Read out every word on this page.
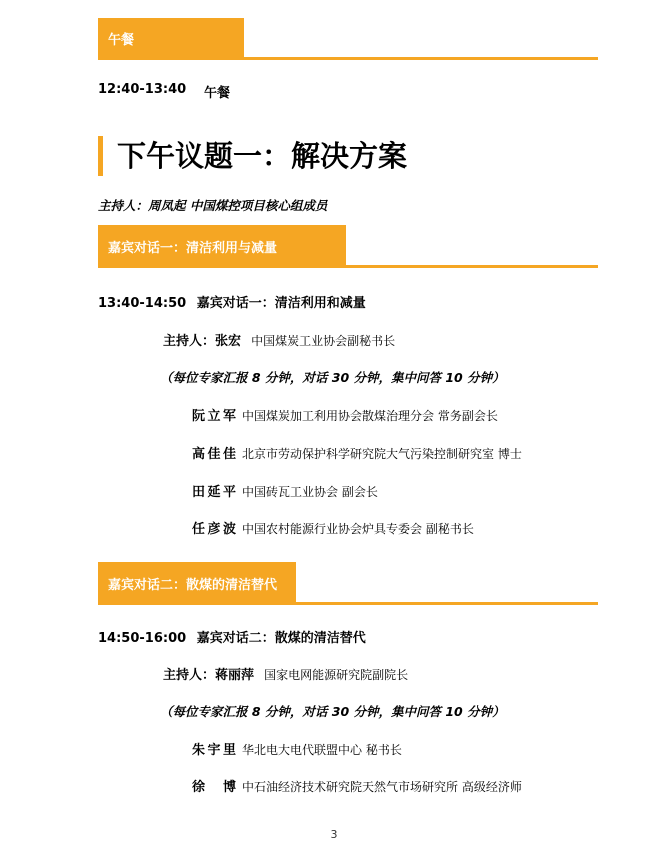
午餐
12:40-13:40 午餐
下午议题一：解决方案
主持人：周凤起 中国煤控项目核心组成员
嘉宾对话一：清洁利用与减量
13:40-14:50 嘉宾对话一：清洁利用和减量
主持人：张宏 中国煤炭工业协会副秘书长
（每位专家汇报 8 分钟，对话 30 分钟，集中问答 10 分钟）
阮立军 中国煤炭加工利用协会散煤治理分会 常务副会长
高佳佳 北京市劳动保护科学研究院大气污染控制研究室 博士
田延平 中国砖瓦工业协会 副会长
任彦波 中国农村能源行业协会炉具专委会 副秘书长
嘉宾对话二：散煤的清洁替代
14:50-16:00 嘉宾对话二：散煤的清洁替代
主持人：蒋丽萍 国家电网能源研究院副院长
（每位专家汇报 8 分钟，对话 30 分钟，集中问答 10 分钟）
朱宇里 华北电大电代联盟中心 秘书长
徐 博 中石油经济技术研究院天然气市场研究所 高级经济师
3
